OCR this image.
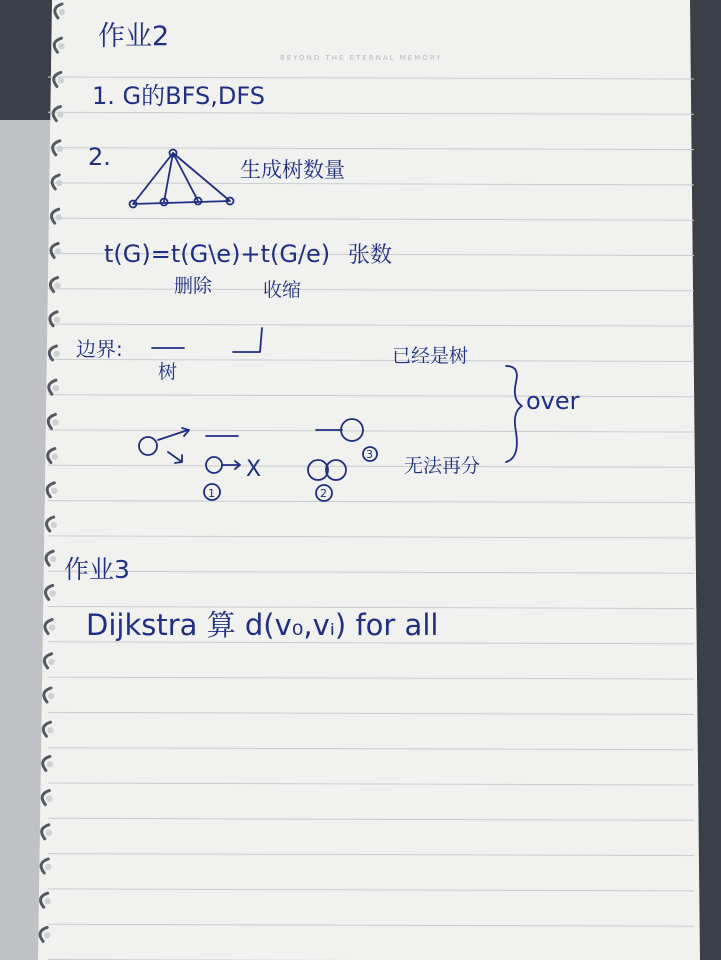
BEYOND THE ETERNAL MEMORY
作业2
1. G的BFS,DFS
2.	生成树数量
t(G)=t(G\e)+t(G/e) 张数
删除	收缩
边界:
树
已经是树
over
X
1	2
3
无法再分
作业3
Dijkstra 算 d(v₀,vᵢ) for all
